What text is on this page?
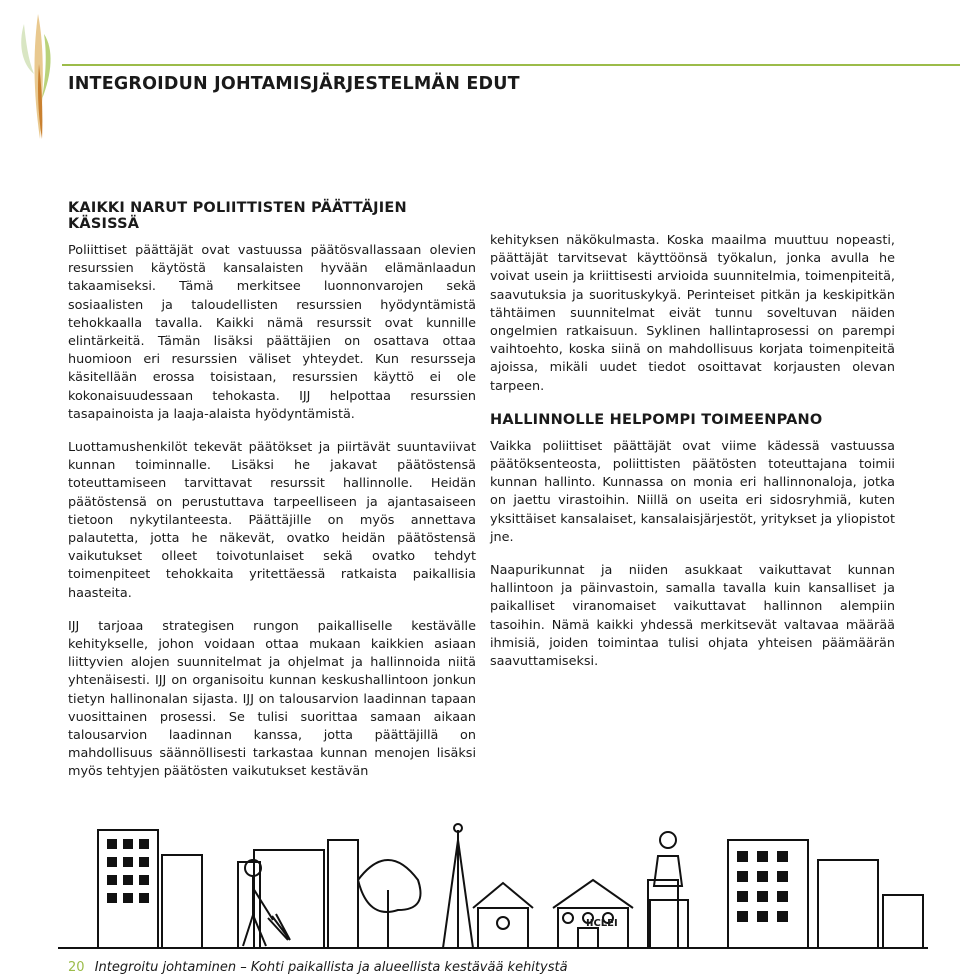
INTEGROIDUN JOHTAMISJÄRJESTELMÄN EDUT
KAIKKI NARUT POLIITTISTEN PÄÄTTÄJIEN KÄSISSÄ

Poliittiset päättäjät ovat vastuussa päätösvallassaan olevien resurssien käytöstä kansalaisten hyvään elämänlaadun takaamiseksi. Tämä merkitsee luonnonvarojen sekä sosiaalisten ja taloudellisten resurssien hyödyntämistä tehokkaalla tavalla. Kaikki nämä resurssit ovat kunnille elintärkeitä. Tämän lisäksi päättäjien on osattava ottaa huomioon eri resurssien väliset yhteydet. Kun resursseja käsitellään erossa toisistaan, resurssien käyttö ei ole kokonaisuudessaan tehokasta. IJJ helpottaa resurssien tasapainoista ja laaja-alaista hyödyntämistä.

Luottamushenkilöt tekevät päätökset ja piirtävät suuntaviivat kunnan toiminnalle. Lisäksi he jakavat päätöstensä toteuttamiseen tarvittavat resurssit hallinnolle. Heidän päätöstensä on perustuttava tarpeelliseen ja ajantasaiseen tietoon nykytilanteesta. Päättäjille on myös annettava palautetta, jotta he näkevät, ovatko heidän päätöstensä vaikutukset olleet toivotunlaiset sekä ovatko tehdyt toimenpiteet tehokkaita yritettäessä ratkaista paikallisia haasteita.

IJJ tarjoaa strategisen rungon paikalliselle kestävälle kehitykselle, johon voidaan ottaa mukaan kaikkien asiaan liittyvien alojen suunnitelmat ja ohjelmat ja hallinnoida niitä yhtenäisesti. IJJ on organisoitu kunnan keskushallintoon jonkun tietyn hallinonalan sijasta. IJJ on talousarvion laadinnan tapaan vuosittainen prosessi. Se tulisi suorittaa samaan aikaan talousarvion laadinnan kanssa, jotta päättäjillä on mahdollisuus säännöllisesti tarkastaa kunnan menojen lisäksi myös tehtyjen päätösten vaikutukset kestävän

kehityksen näkökulmasta. Koska maailma muuttuu nopeasti, päättäjät tarvitsevat käyttöönsä työkalun, jonka avulla he voivat usein ja kriittisesti arvioida suunnitelmia, toimenpiteitä, saavutuksia ja suorituskykyä. Perinteiset pitkän ja keskipitkän tähtäimen suunnitelmat eivät tunnu soveltuvan näiden ongelmien ratkaisuun. Syklinen hallintaprosessi on parempi vaihtoehto, koska siinä on mahdollisuus korjata toimenpiteitä ajoissa, mikäli uudet tiedot osoittavat korjausten olevan tarpeen.

HALLINNOLLE HELPOMPI TOIMEENPANO

Vaikka poliittiset päättäjät ovat viime kädessä vastuussa päätöksenteosta, poliittisten päätösten toteuttajana toimii kunnan hallinto. Kunnassa on monia eri hallinnonaloja, jotka on jaettu virastoihin. Niillä on useita eri sidosryhmiä, kuten yksittäiset kansalaiset, kansalaisjärjestöt, yritykset ja yliopistot jne.

Naapurikunnat ja niiden asukkaat vaikuttavat kunnan hallintoon ja päinvastoin, samalla tavalla kuin kansalliset ja paikalliset viranomaiset vaikuttavat hallinnon alempiin tasoihin. Nämä kaikki yhdessä merkitsevät valtavaa määrää ihmisiä, joiden toimintaa tulisi ohjata yhteisen päämäärän saavuttamiseksi.

IICLEI
20 Integroitu johtaminen – Kohti paikallista ja alueellista kestävää kehitystä
